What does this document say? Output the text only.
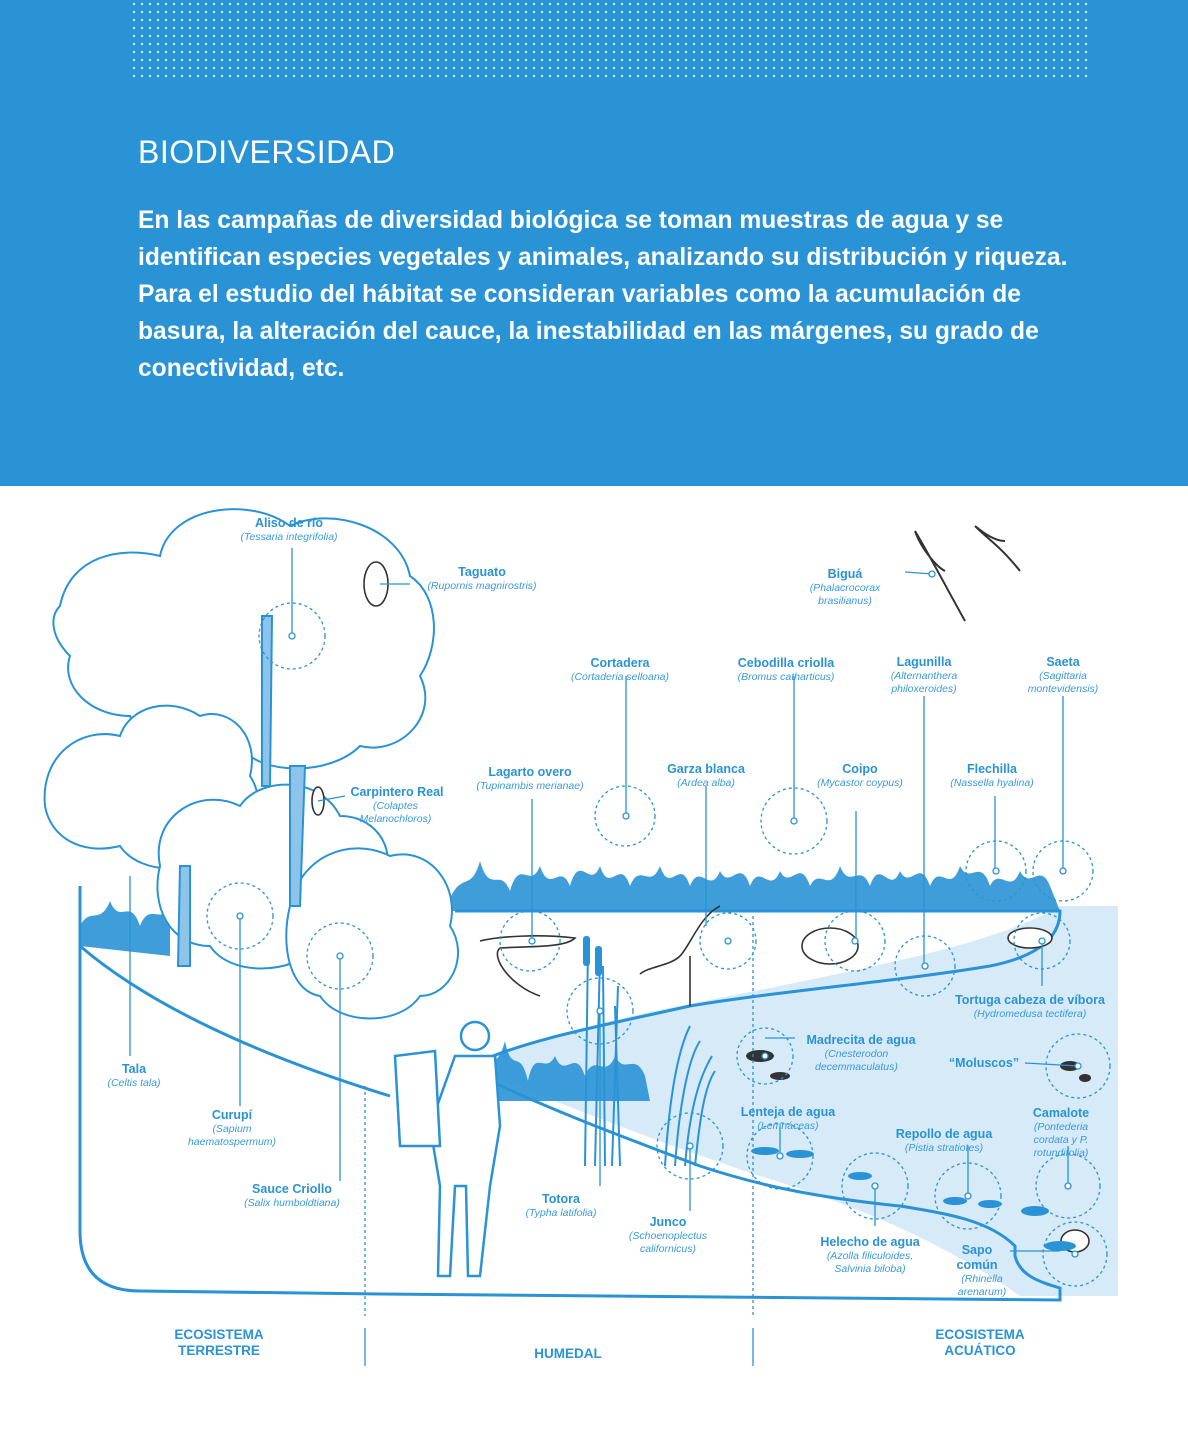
BIODIVERSIDAD

En las campañas de diversidad biológica se toman muestras de agua y se identifican especies vegetales y animales, analizando su distribución y riqueza. Para el estudio del hábitat se consideran variables como la acumulación de basura, la alteración del cauce, la inestabilidad en las márgenes, su grado de conectividad, etc.

Aliso de río
(Tessaria integrifolia)
Taguato
(Rupornis magnirostris)
Carpintero Real
(Colaptes Melanochloros)
Tala
(Celtis tala)
Curupí
(Sapium haematospermum)
Sauce Criollo
(Salix humboldtiana)
Lagarto overo
(Tupinambis merianae)
Cortadera
(Cortaderia selloana)
Garza blanca
(Ardea alba)
Cebodilla criolla
(Bromus catharticus)
Coipo
(Mycastor coypus)
Lagunilla
(Alternanthera philoxeroides)
Saeta
(Sagittaria montevidensis)
Flechilla
(Nassella hyalina)
Biguá
(Phalacrocorax brasilianus)
Tortuga cabeza de víbora
(Hydromedusa tectifera)
Madrecita de agua
(Cnesterodon decemmaculatus)	“Moluscos”
Lenteja de agua
(Lemnáceas)
Repollo de agua
(Pistia stratiotes)
Camalote
(Pontederia cordata y P. rotundifolia)
Totora
(Typha latifolia)
Junco
(Schoenoplectus californicus)	Helecho de agua
(Azolla filiculoides, Salvinia biloba)
Sapo común
(Rhinella arenarum)
ECOSISTEMA TERRESTRE	HUMEDAL
ECOSISTEMA ACUÁTICO
